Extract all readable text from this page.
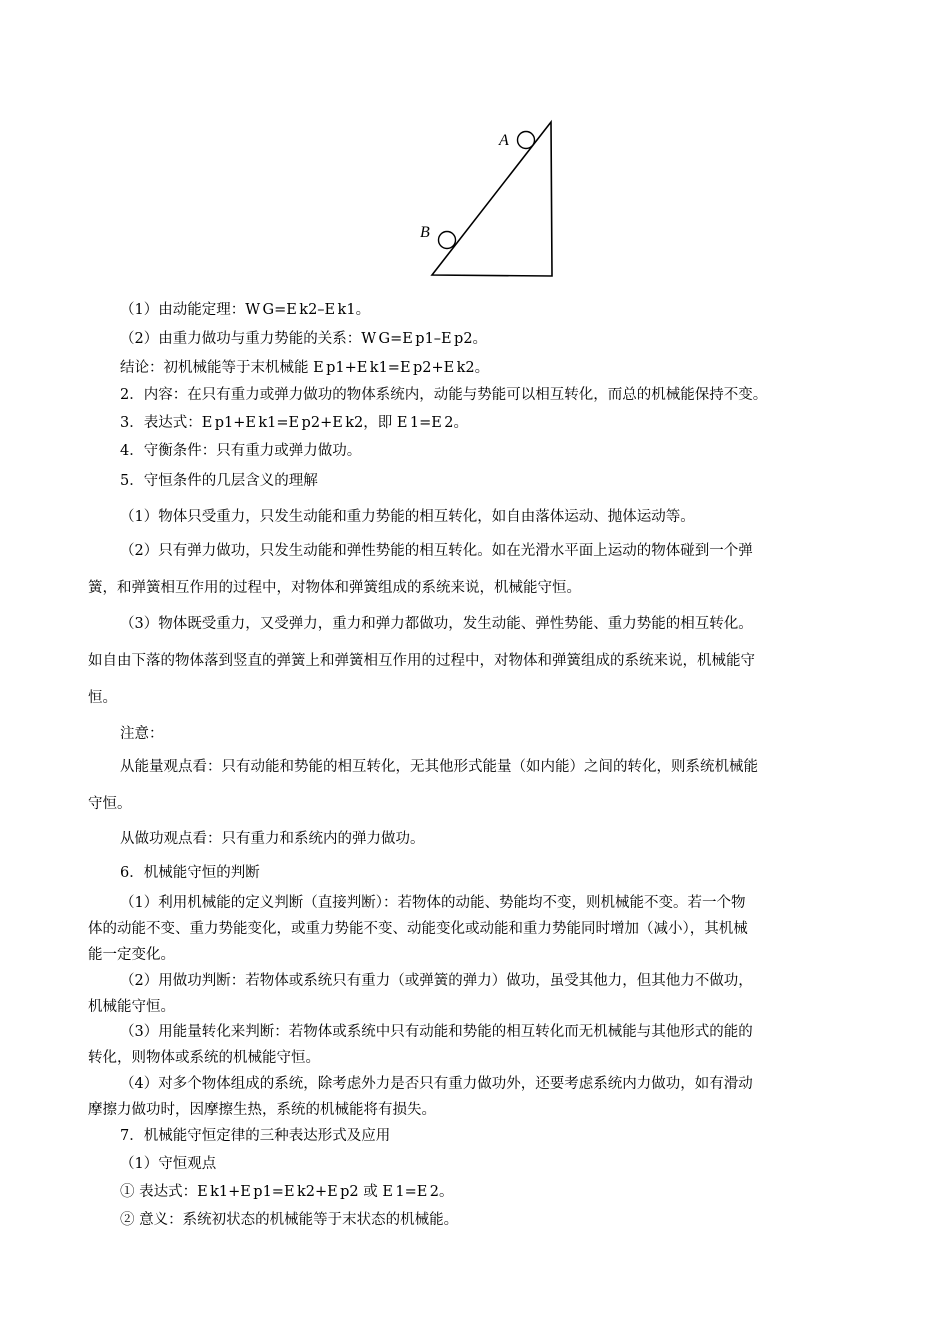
A
B
（1）由动能定理：W G=E k2–E k1。
（2）由重力做功与重力势能的关系：W G=E p1–E p2。
结论：初机械能等于末机械能 E p1+E k1=E p2+E k2。
2．内容：在只有重力或弹力做功的物体系统内，动能与势能可以相互转化，而总的机械能保持不变。
3．表达式：E p1+E k1=E p2+E k2，即 E 1=E 2。
4．守衡条件：只有重力或弹力做功。
5．守恒条件的几层含义的理解
（1）物体只受重力，只发生动能和重力势能的相互转化，如自由落体运动、抛体运动等。
（2）只有弹力做功，只发生动能和弹性势能的相互转化。如在光滑水平面上运动的物体碰到一个弹
簧，和弹簧相互作用的过程中，对物体和弹簧组成的系统来说，机械能守恒。
（3）物体既受重力，又受弹力，重力和弹力都做功，发生动能、弹性势能、重力势能的相互转化。
如自由下落的物体落到竖直的弹簧上和弹簧相互作用的过程中，对物体和弹簧组成的系统来说，机械能守
恒。
注意：
从能量观点看：只有动能和势能的相互转化，无其他形式能量（如内能）之间的转化，则系统机械能
守恒。
从做功观点看：只有重力和系统内的弹力做功。
6．机械能守恒的判断
（1）利用机械能的定义判断（直接判断）：若物体的动能、势能均不变，则机械能不变。若一个物
体的动能不变、重力势能变化，或重力势能不变、动能变化或动能和重力势能同时增加（减小），其机械
能一定变化。
（2）用做功判断：若物体或系统只有重力（或弹簧的弹力）做功，虽受其他力，但其他力不做功，
机械能守恒。
（3）用能量转化来判断：若物体或系统中只有动能和势能的相互转化而无机械能与其他形式的能的
转化，则物体或系统的机械能守恒。
（4）对多个物体组成的系统，除考虑外力是否只有重力做功外，还要考虑系统内力做功，如有滑动
摩擦力做功时，因摩擦生热，系统的机械能将有损失。
7．机械能守恒定律的三种表达形式及应用
（1）守恒观点
① 表达式：E k1+E p1=E k2+E p2 或 E 1=E 2。
② 意义：系统初状态的机械能等于末状态的机械能。
